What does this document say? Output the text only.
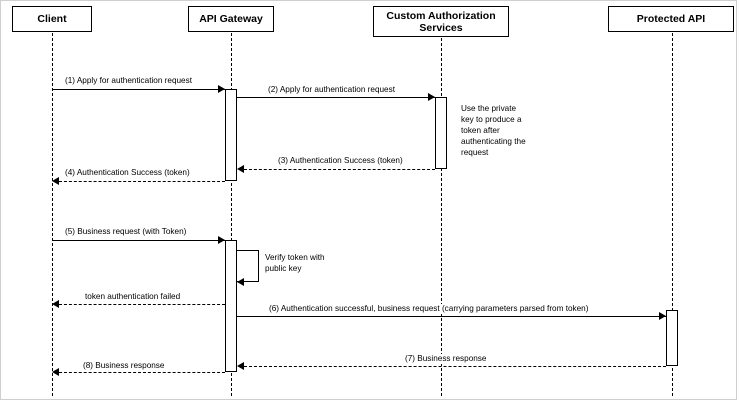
Client	API Gateway	Custom Authorization Services
Protected API
(1) Apply for authentication request
(2) Apply for authentication request
Use the private key to produce a token after authenticating the request
(3) Authentication Success (token)
(4) Authentication Success (token)
(5) Business request (with Token)
Verify token with public key
token authentication failed
(6) Authentication successful, business request (carrying parameters parsed from token)
(7) Business response
(8) Business response
